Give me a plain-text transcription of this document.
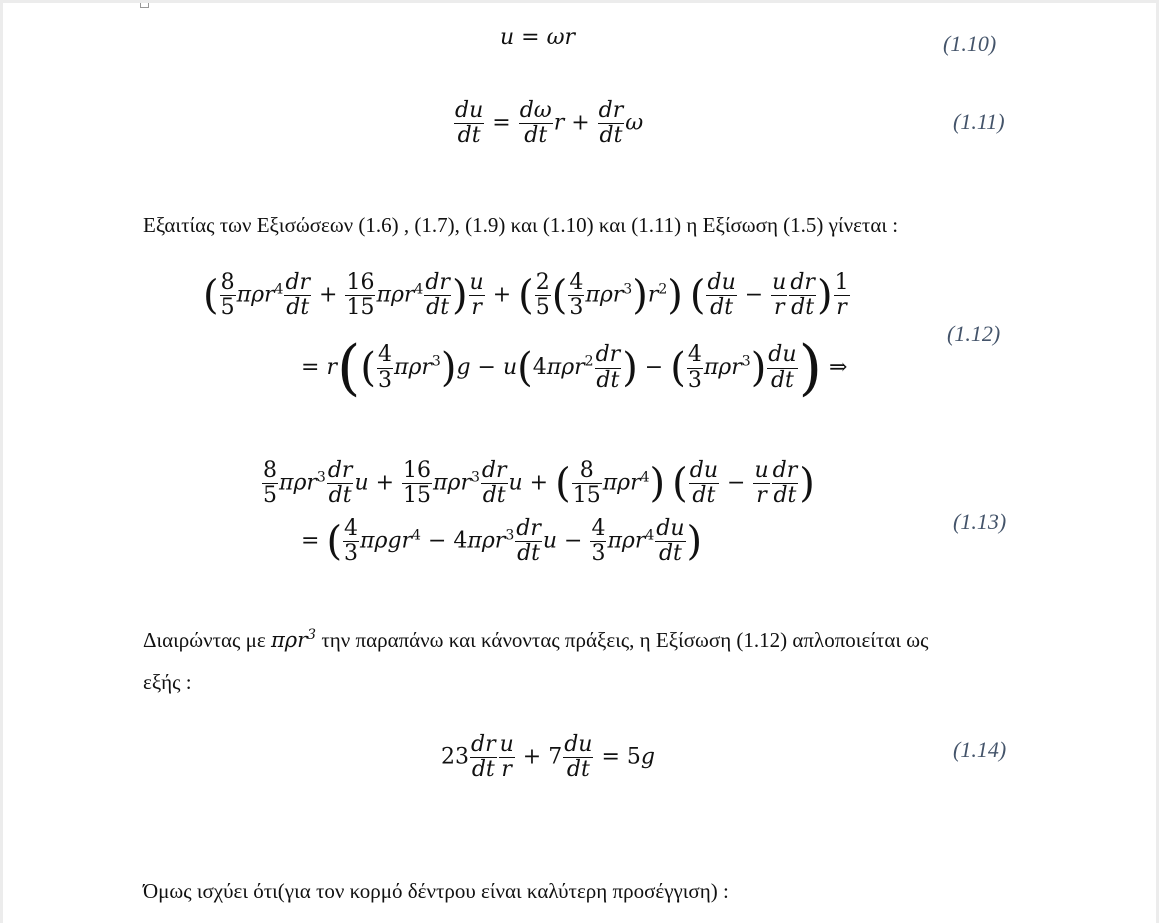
u = ωr	(1.10)
$\frac{du}{dt} = \frac{d\omega}{dt}$ $r + \frac{dr}{dt}$ ω	(1.11)
Εξαιτίας των Εξισώσεων (1.6) , (1.7), (1.9) και (1.10) και (1.11) η Εξίσωση (1.5) γίνεται :
( $\frac{8}{5} \pi\rho r^4 \frac{dr}{dt} + \frac{16}{15} \pi\rho r^4 \frac{dr}{dt}$ ) $\frac{u}{r}$ + ( $\frac{2}{5}$ ( $\frac{4}{3} \pi\rho r^3)r^2$) ( $\frac{du}{dt} - \frac{u}{r} \frac{dr}{dt}$ ) $\frac{1}{r}$
= $r(( \frac{4}{3} \pi\rho r^3)g - u(4\pi\rho r^2 \frac{dr}{dt}$ ) − ( $\frac{4}{3} \pi\rho r^3) \frac{du}{dt}$ ) ⇒
(1.12)
$\frac{8}{5} \pi\rho r^3 \frac{dr}{dt}$ $u + \frac{16}{15} \pi\rho r^3 \frac{dr}{dt}$ u + ( $\frac{8}{15} \pi\rho r^4$) ( $\frac{du}{dt} - \frac{u}{r} \frac{dr}{dt}$ )
= ( $\frac{4}{3} \pi\rho gr^4 - 4\pi\rho r^3 \frac{dr}{dt}$ $u - \frac{4}{3} \pi\rho r^4 \frac{du}{dt}$ )	(1.13)
Διαιρώντας με πρr$^3$ την παραπάνω και κάνοντας πράξεις, η Εξίσωση (1.12) απλοποιείται ως
εξής :
$23 \frac{dr}{dt} \frac{u}{r} + 7 \frac{du}{dt} = 5g$	(1.14)
Όμως ισχύει ότι(για τον κορμό δέντρου είναι καλύτερη προσέγγιση) :
